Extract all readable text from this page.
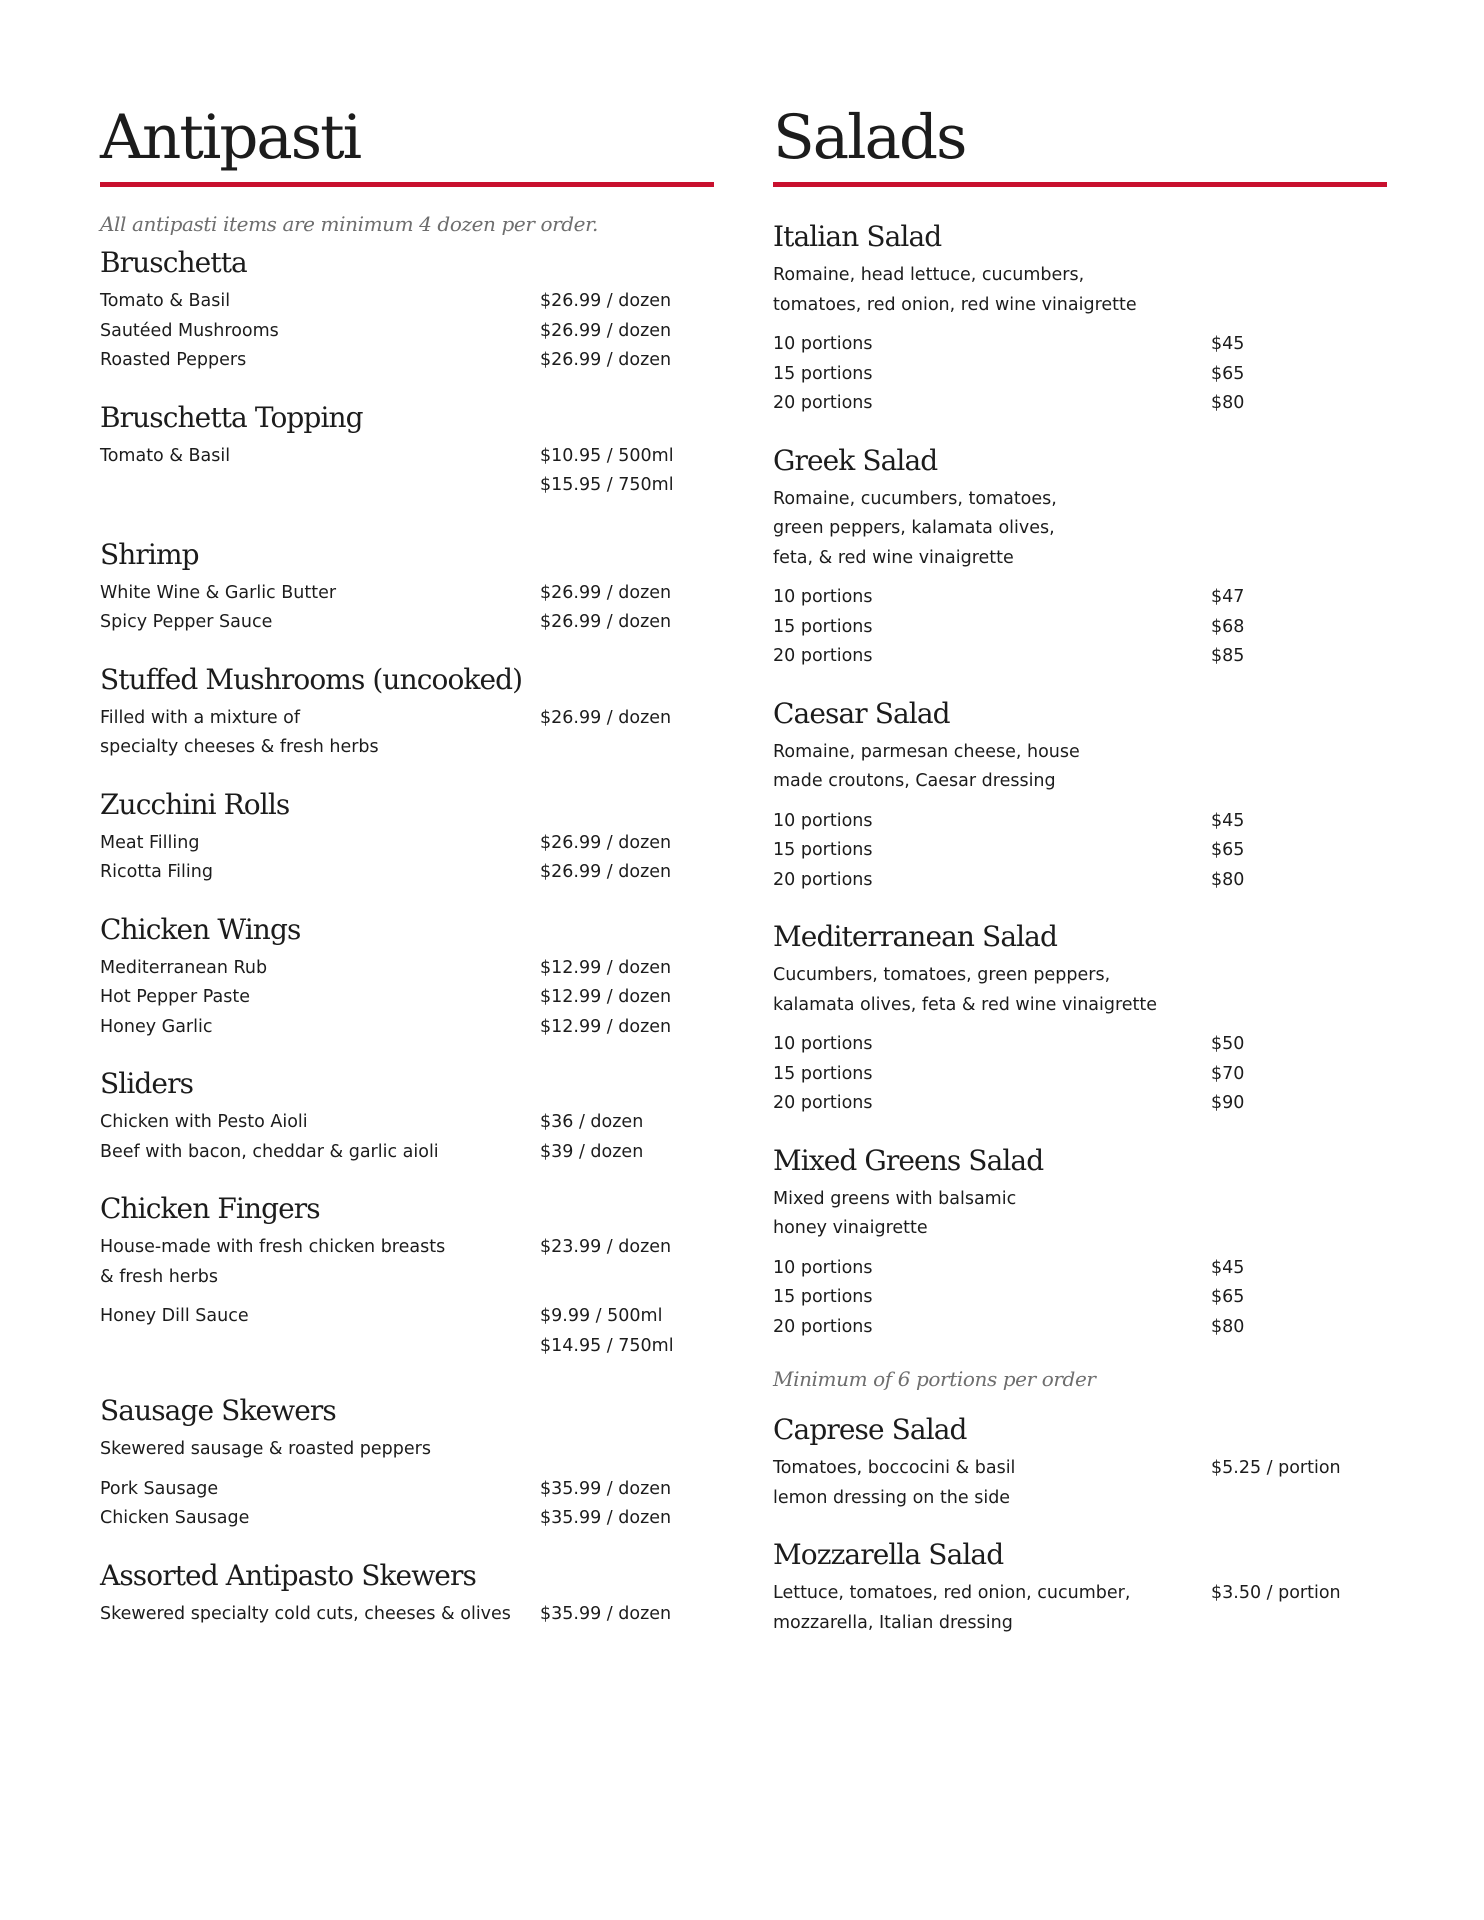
Antipasti

All antipasti items are minimum 4 dozen per order.

Bruschetta
Tomato & Basil	$26.99 / dozen
Sautéed Mushrooms	$26.99 / dozen
Roasted Peppers	$26.99 / dozen
Bruschetta Topping
Tomato & Basil	$10.95 / 500ml
$15.95 / 750ml
Shrimp
White Wine & Garlic Butter	$26.99 / dozen
Spicy Pepper Sauce	$26.99 / dozen
Stuffed Mushrooms (uncooked)
Filled with a mixture of	$26.99 / dozen
specialty cheeses & fresh herbs
Zucchini Rolls
Meat Filling	$26.99 / dozen
Ricotta Filing	$26.99 / dozen
Chicken Wings
Mediterranean Rub	$12.99 / dozen
Hot Pepper Paste	$12.99 / dozen
Honey Garlic	$12.99 / dozen
Sliders
Chicken with Pesto Aioli	$36 / dozen
Beef with bacon, cheddar & garlic aioli	$39 / dozen
Chicken Fingers
House-made with fresh chicken breasts	$23.99 / dozen
& fresh herbs
Honey Dill Sauce	$9.99 / 500ml
$14.95 / 750ml
Sausage Skewers
Skewered sausage & roasted peppers
Pork Sausage	$35.99 / dozen
Chicken Sausage	$35.99 / dozen
Assorted Antipasto Skewers
Skewered specialty cold cuts, cheeses & olives	$35.99 / dozen
Salads
Italian Salad
Romaine, head lettuce, cucumbers,
tomatoes, red onion, red wine vinaigrette
10 portions	$45
15 portions	$65
20 portions	$80
Greek Salad
Romaine, cucumbers, tomatoes,
green peppers, kalamata olives,
feta, & red wine vinaigrette
10 portions	$47
15 portions	$68
20 portions	$85
Caesar Salad
Romaine, parmesan cheese, house
made croutons, Caesar dressing
10 portions	$45
15 portions	$65
20 portions	$80
Mediterranean Salad
Cucumbers, tomatoes, green peppers,
kalamata olives, feta & red wine vinaigrette
10 portions	$50
15 portions	$70
20 portions	$90
Mixed Greens Salad
Mixed greens with balsamic
honey vinaigrette
10 portions	$45
15 portions	$65
20 portions	$80

Minimum of 6 portions per order

Caprese Salad
Tomatoes, boccocini & basil	$5.25 / portion
lemon dressing on the side
Mozzarella Salad
Lettuce, tomatoes, red onion, cucumber,	$3.50 / portion
mozzarella, Italian dressing
